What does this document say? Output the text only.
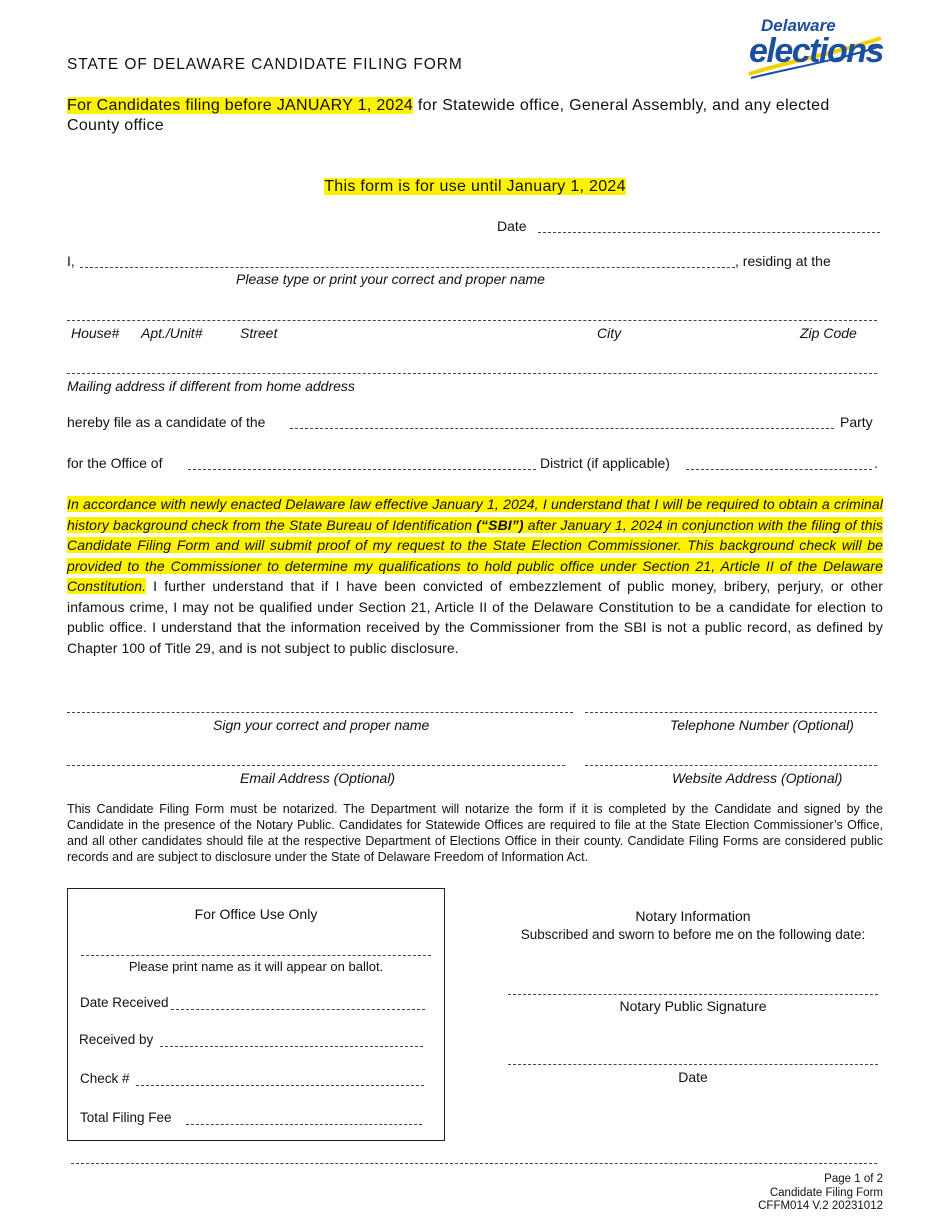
STATE OF DELAWARE CANDIDATE FILING FORM
Delaware
elections
For Candidates filing before JANUARY 1, 2024 for Statewide office, General Assembly, and any elected County office
This form is for use until January 1, 2024
Date
I,	, residing at the
Please type or print your correct and proper name
House# Apt./Unit#	Street	City	Zip Code
Mailing address if different from home address
hereby file as a candidate of the	Party
for the Office of	District (if applicable)	.
In accordance with newly enacted Delaware law effective January 1, 2024, I understand that I will be required to obtain a criminal history background check from the State Bureau of Identification (“SBI”) after January 1, 2024 in conjunction with the filing of this Candidate Filing Form and will submit proof of my request to the State Election Commissioner. This background check will be provided to the Commissioner to determine my qualifications to hold public office under Section 21, Article II of the Delaware Constitution. I further understand that if I have been convicted of embezzlement of public money, bribery, perjury, or other infamous crime, I may not be qualified under Section 21, Article II of the Delaware Constitution to be a candidate for election to public office. I understand that the information received by the Commissioner from the SBI is not a public record, as defined by Chapter 100 of Title 29, and is not subject to public disclosure.
Sign your correct and proper name	Telephone Number (Optional)
Email Address (Optional)	Website Address (Optional)
This Candidate Filing Form must be notarized. The Department will notarize the form if it is completed by the Candidate and signed by the Candidate in the presence of the Notary Public. Candidates for Statewide Offices are required to file at the State Election Commissioner’s Office, and all other candidates should file at the respective Department of Elections Office in their county. Candidate Filing Forms are considered public records and are subject to disclosure under the State of Delaware Freedom of Information Act.
For Office Use Only
Please print name as it will appear on ballot.
Date Received
Received by
Check #
Total Filing Fee
Notary Information
Subscribed and sworn to before me on the following date:
Notary Public Signature
Date
Page 1 of 2
Candidate Filing Form
CFFM014 V.2 20231012
